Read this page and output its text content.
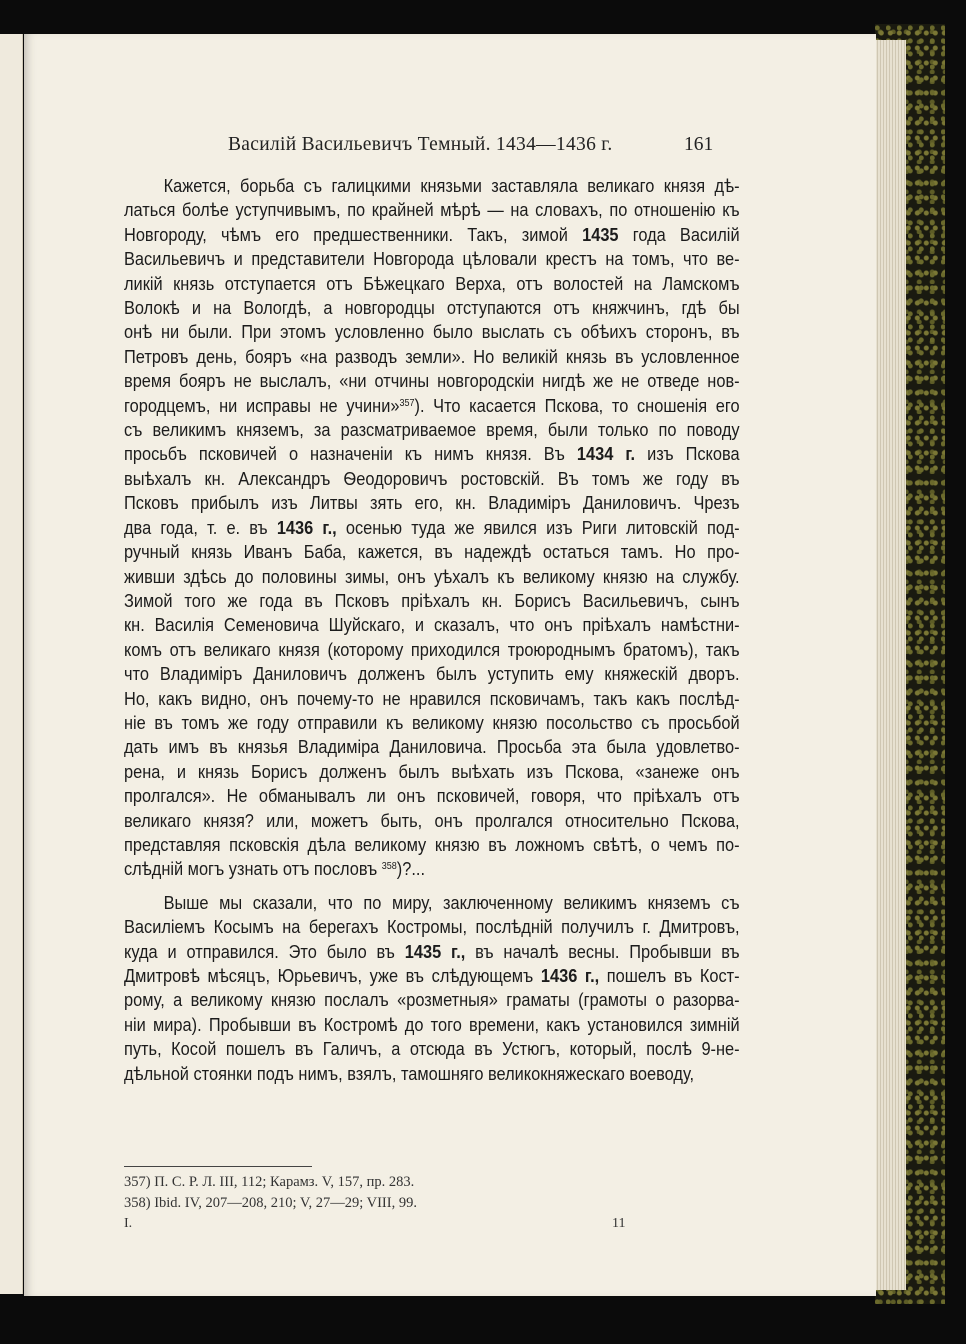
Василій Васильевичъ Темный. 1434—1436 г.	161
Кажется, борьба съ галицкими князьми заставляла великаго князя дѣ-
латься болѣе уступчивымъ, по крайней мѣрѣ — на словахъ, по отношенію къ
Новгороду, чѣмъ его предшественники. Такъ, зимой 1435 года Василій
Васильевичъ и представители Новгорода цѣловали крестъ на томъ, что ве-
ликій князь отступается отъ Бѣжецкаго Верха, отъ волостей на Ламскомъ
Волокѣ и на Вологдѣ, а новгородцы отступаются отъ княжчинъ, гдѣ бы
онѣ ни были. При этомъ условленно было выслать съ обѣихъ сторонъ, въ
Петровъ день, бояръ «на разводъ земли». Но великій князь въ условленное
время бояръ не выслалъ, «ни отчины новгородскіи нигдѣ же не отведе нов-
городцемъ, ни исправы не учини»$^{357}$). Что касается Пскова, то сношенія его
съ великимъ княземъ, за разсматриваемое время, были только по поводу
просьбъ псковичей о назначеніи къ нимъ князя. Въ 1434 г. изъ Пскова
выѣхалъ кн. Александръ Ѳеодоровичъ ростовскій. Въ томъ же году въ
Псковъ прибылъ изъ Литвы зять его, кн. Владиміръ Даниловичъ. Чрезъ
два года, т. е. въ 1436 г., осенью туда же явился изъ Риги литовскій под-
ручный князь Иванъ Баба, кажется, въ надеждѣ остаться тамъ. Но про-
живши здѣсь до половины зимы, онъ уѣхалъ къ великому князю на службу.
Зимой того же года въ Псковъ пріѣхалъ кн. Борисъ Васильевичъ, сынъ
кн. Василія Семеновича Шуйскаго, и сказалъ, что онъ пріѣхалъ намѣстни-
комъ отъ великаго князя (которому приходился троюроднымъ братомъ), такъ
что Владиміръ Даниловичъ долженъ былъ уступить ему княжескій дворъ.
Но, какъ видно, онъ почему-то не нравился псковичамъ, такъ какъ послѣд-
ніе въ томъ же году отправили къ великому князю посольство съ просьбой
дать имъ въ князья Владиміра Даниловича. Просьба эта была удовлетво-
рена, и князь Борисъ долженъ былъ выѣхать изъ Пскова, «занеже онъ
пролгался». Не обманывалъ ли онъ псковичей, говоря, что пріѣхалъ отъ
великаго князя? или, можетъ быть, онъ пролгался относительно Пскова,
представляя псковскія дѣла великому князю въ ложномъ свѣтѣ, о чемъ по-
слѣдній могъ узнать отъ пословъ $^{358}$)?...
Выше мы сказали, что по миру, заключенному великимъ княземъ съ
Василіемъ Косымъ на берегахъ Костромы, послѣдній получилъ г. Дмитровъ,
куда и отправился. Это было въ 1435 г., въ началѣ весны. Пробывши въ
Дмитровѣ мѣсяцъ, Юрьевичъ, уже въ слѣдующемъ 1436 г., пошелъ въ Кост-
рому, а великому князю послалъ «розметныя» граматы (грамоты о разорва-
ніи мира). Пробывши въ Костромѣ до того времени, какъ установился зимній
путь, Косой пошелъ въ Галичъ, а отсюда въ Устюгъ, который, послѣ 9-не-
дѣльной стоянки подъ нимъ, взялъ, тамошняго великокняжескаго воеводу,
357) П. С. Р. Л. III, 112; Карамз. V, 157, пр. 283.
358) Ibid. IV, 207—208, 210; V, 27—29; VIII, 99.
I.	11
